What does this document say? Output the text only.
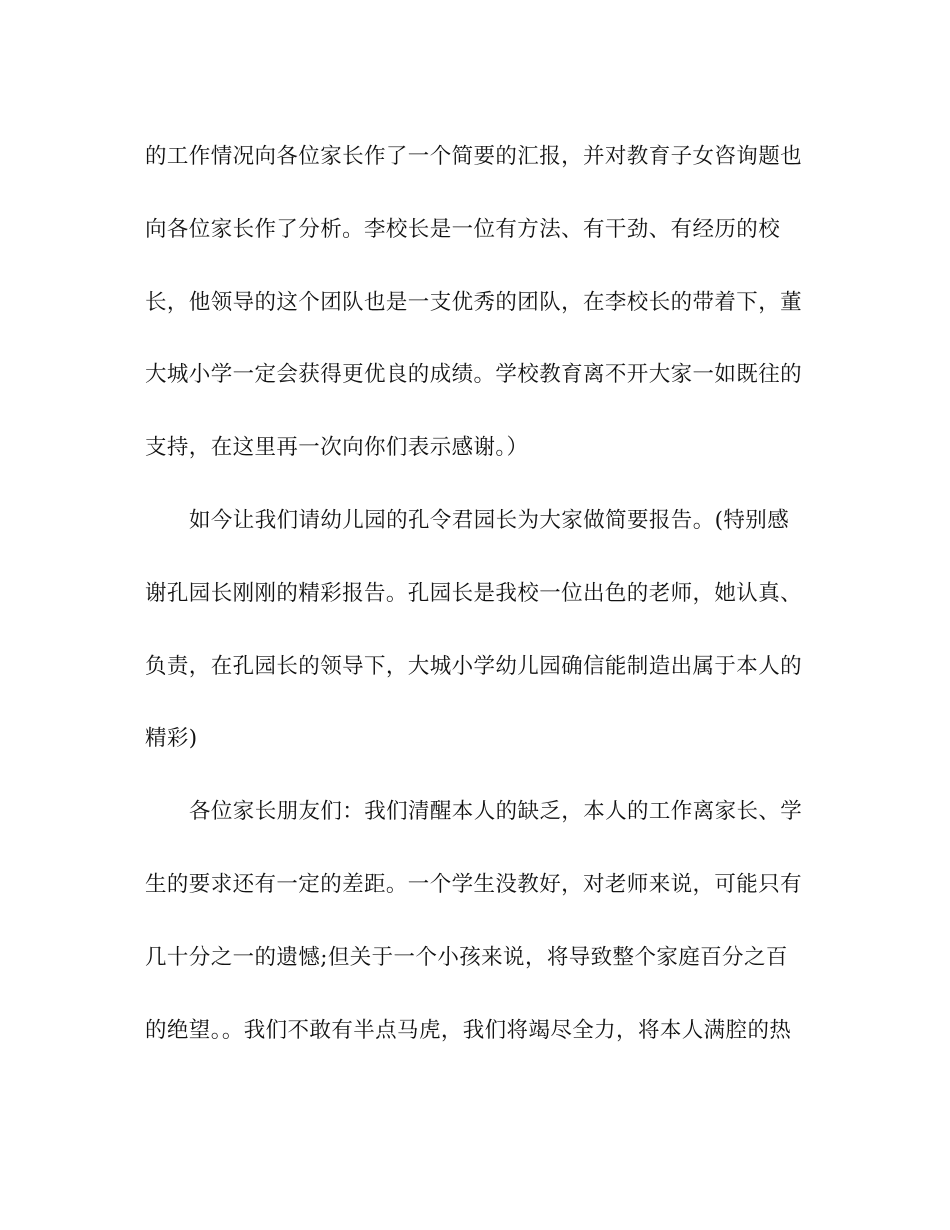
的工作情况向各位家长作了一个简要的汇报，并对教育子女咨询题也
向各位家长作了分析。李校长是一位有方法、有干劲、有经历的校
长，他领导的这个团队也是一支优秀的团队，在李校长的带着下，董
大城小学一定会获得更优良的成绩。学校教育离不开大家一如既往的
支持，在这里再一次向你们表示感谢。）
如今让我们请幼儿园的孔令君园长为大家做简要报告。(特别感
谢孔园长刚刚的精彩报告。孔园长是我校一位出色的老师，她认真、
负责，在孔园长的领导下，大城小学幼儿园确信能制造出属于本人的
精彩)
各位家长朋友们：我们清醒本人的缺乏，本人的工作离家长、学
生的要求还有一定的差距。一个学生没教好，对老师来说，可能只有
几十分之一的遗憾;但关于一个小孩来说，将导致整个家庭百分之百
的绝望。。我们不敢有半点马虎，我们将竭尽全力，将本人满腔的热
